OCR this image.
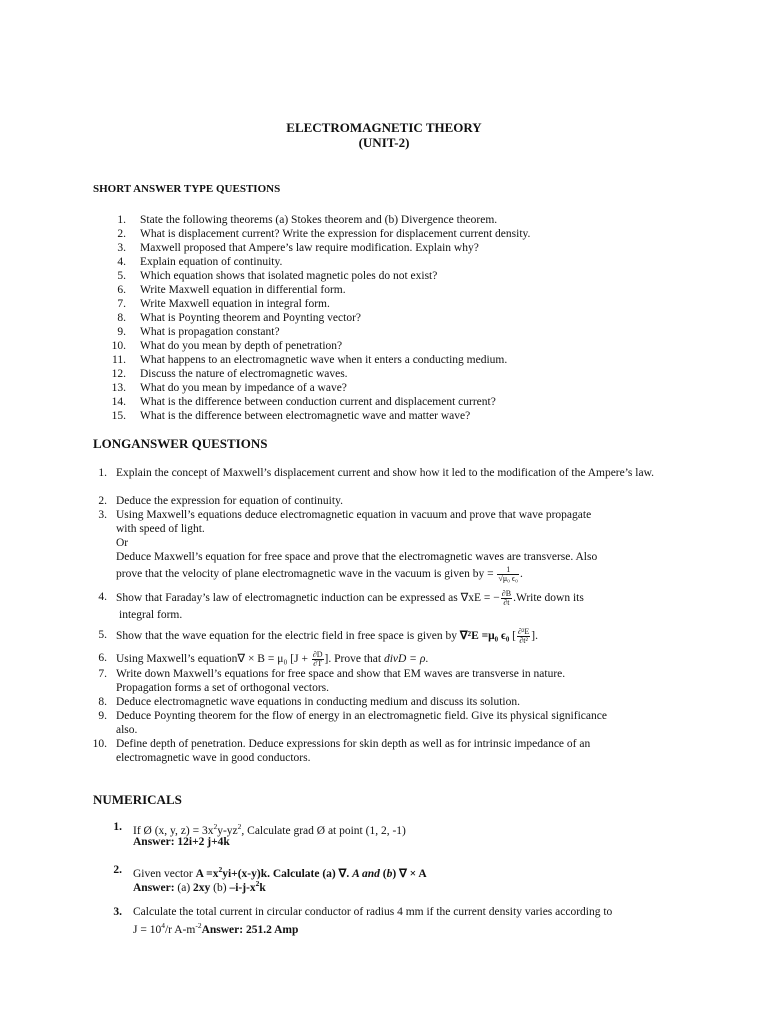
ELECTROMAGNETIC THEORY
(UNIT-2)
SHORT ANSWER TYPE QUESTIONS
1. State the following theorems (a) Stokes theorem and (b) Divergence theorem.
2. What is displacement current? Write the expression for displacement current density.
3. Maxwell proposed that Ampere’s law require modification. Explain why?
4. Explain equation of continuity.
5. Which equation shows that isolated magnetic poles do not exist?
6. Write Maxwell equation in differential form.
7. Write Maxwell equation in integral form.
8. What is Poynting theorem and Poynting vector?
9. What is propagation constant?
10. What do you mean by depth of penetration?
11. What happens to an electromagnetic wave when it enters a conducting medium.
12. Discuss the nature of electromagnetic waves.
13. What do you mean by impedance of a wave?
14. What is the difference between conduction current and displacement current?
15. What is the difference between electromagnetic wave and matter wave?
LONGANSWER QUESTIONS
1. Explain the concept of Maxwell’s displacement current and show how it led to the modification of the Ampere’s law.
2. Deduce the expression for equation of continuity.
3. Using Maxwell’s equations deduce electromagnetic equation in vacuum and prove that wave propagate
with speed of light.
Or
Deduce Maxwell’s equation for free space and prove that the electromagnetic waves are transverse. Also
prove that the velocity of plane electromagnetic wave in the vacuum is given by = $\frac{1}{\text{√μ₀ ϵ₀}}$ .
4. Show that Faraday’s law of electromagnetic induction can be expressed as ∇xE = − $\frac{\partial B}{\partial t}$ .Write down its
integral form.
5. Show that the wave equation for the electric field in free space is given by ∇²E =μ₀ ϵ₀ [ $\frac{\text{∂²E}}{\text{∂t²}}$ ].
6. Using Maxwell’s equation∇ × B = μ₀ [$J + \frac{\partial D}{\partial T}$ ]. Prove that divD = ρ.
7. Write down Maxwell’s equations for free space and show that EM waves are transverse in nature.
Propagation forms a set of orthogonal vectors.
8. Deduce electromagnetic wave equations in conducting medium and discuss its solution.
9. Deduce Poynting theorem for the flow of energy in an electromagnetic field. Give its physical significance
also.
10. Define depth of penetration. Deduce expressions for skin depth as well as for intrinsic impedance of an
electromagnetic wave in good conductors.
NUMERICALS
1. If Ø (x, y, $z) = 3x^2y-yz^2$, Calculate grad Ø at point (1, 2, -1)
Answer: 12i+2 j+4k
2. Given vector $A =x^2yi+(x-y)k$. Calculate (a) ∇. A and (b) ∇ × A
Answer: (a) 2xy (b) $-i-j-x^2k$
3. Calculate the total current in circular conductor of radius 4 mm if the current density varies according to
$J = 10^4/r$ $A-m^{-2}Answer$: 251.2 Amp
